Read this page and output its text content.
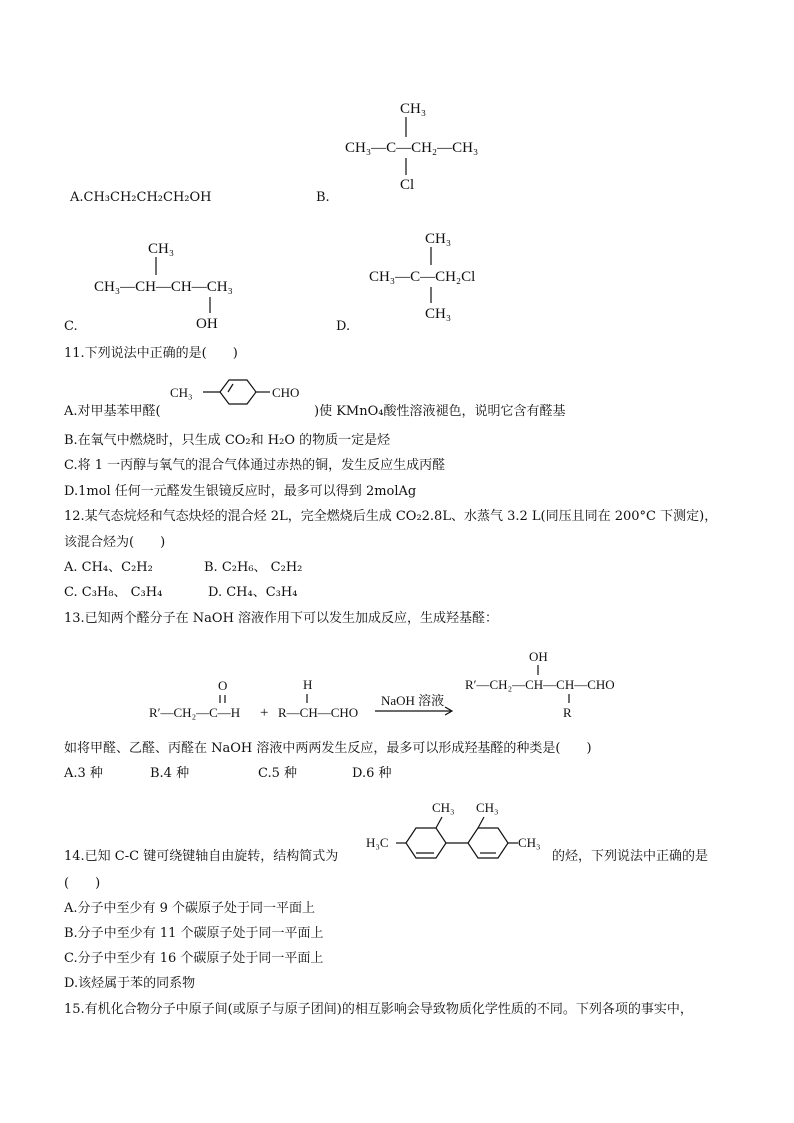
A.CH₃CH₂CH₂CH₂OH	B.
CH₃
CH₃—C—CH₂—CH₃
Cl
CH₃
CH₃—CH—CH—CH₃
OH
CH₃
CH₃—C—CH₂Cl
CH₃
C.	D.
11.下列说法中正确的是(　　)
A.对甲基苯甲醛(
CH₃	CHO
)使 KMnO₄酸性溶液褪色，说明它含有醛基
B.在氧气中燃烧时，只生成 CO₂和 H₂O 的物质一定是烃
C.将 1 一丙醇与氧气的混合气体通过赤热的铜，发生反应生成丙醛
D.1mol 任何一元醛发生银镜反应时，最多可以得到 2molAg
12.某气态烷烃和气态炔烃的混合烃 2L，完全燃烧后生成 CO₂2.8L、水蒸气 3.2 L(同压且同在 200°C 下测定)，
该混合烃为(　　)
A. CH₄、C₂H₂	B. C₂H₆、 C₂H₂
C. C₃H₈、 C₃H₄	D. CH₄、C₃H₄
13.已知两个醛分子在 NaOH 溶液作用下可以发生加成反应，生成羟基醛：
O
R′—CH₂—C—H +
H
R—CH—CHO
NaOH 溶液
OH
R′—CH₂—CH—CH—CHO
R
如将甲醛、乙醛、丙醛在 NaOH 溶液中两两发生反应，最多可以形成羟基醛的种类是(　　)
A.3 种	B.4 种	C.5 种	D.6 种
14.已知 C-C 键可绕键轴自由旋转，结构简式为
H₃C
CH₃ CH₃
CH₃
的烃，下列说法中正确的是
(　　)
A.分子中至少有 9 个碳原子处于同一平面上
B.分子中至少有 11 个碳原子处于同一平面上
C.分子中至少有 16 个碳原子处于同一平面上
D.该烃属于苯的同系物
15.有机化合物分子中原子间(或原子与原子团间)的相互影响会导致物质化学性质的不同。下列各项的事实中，
